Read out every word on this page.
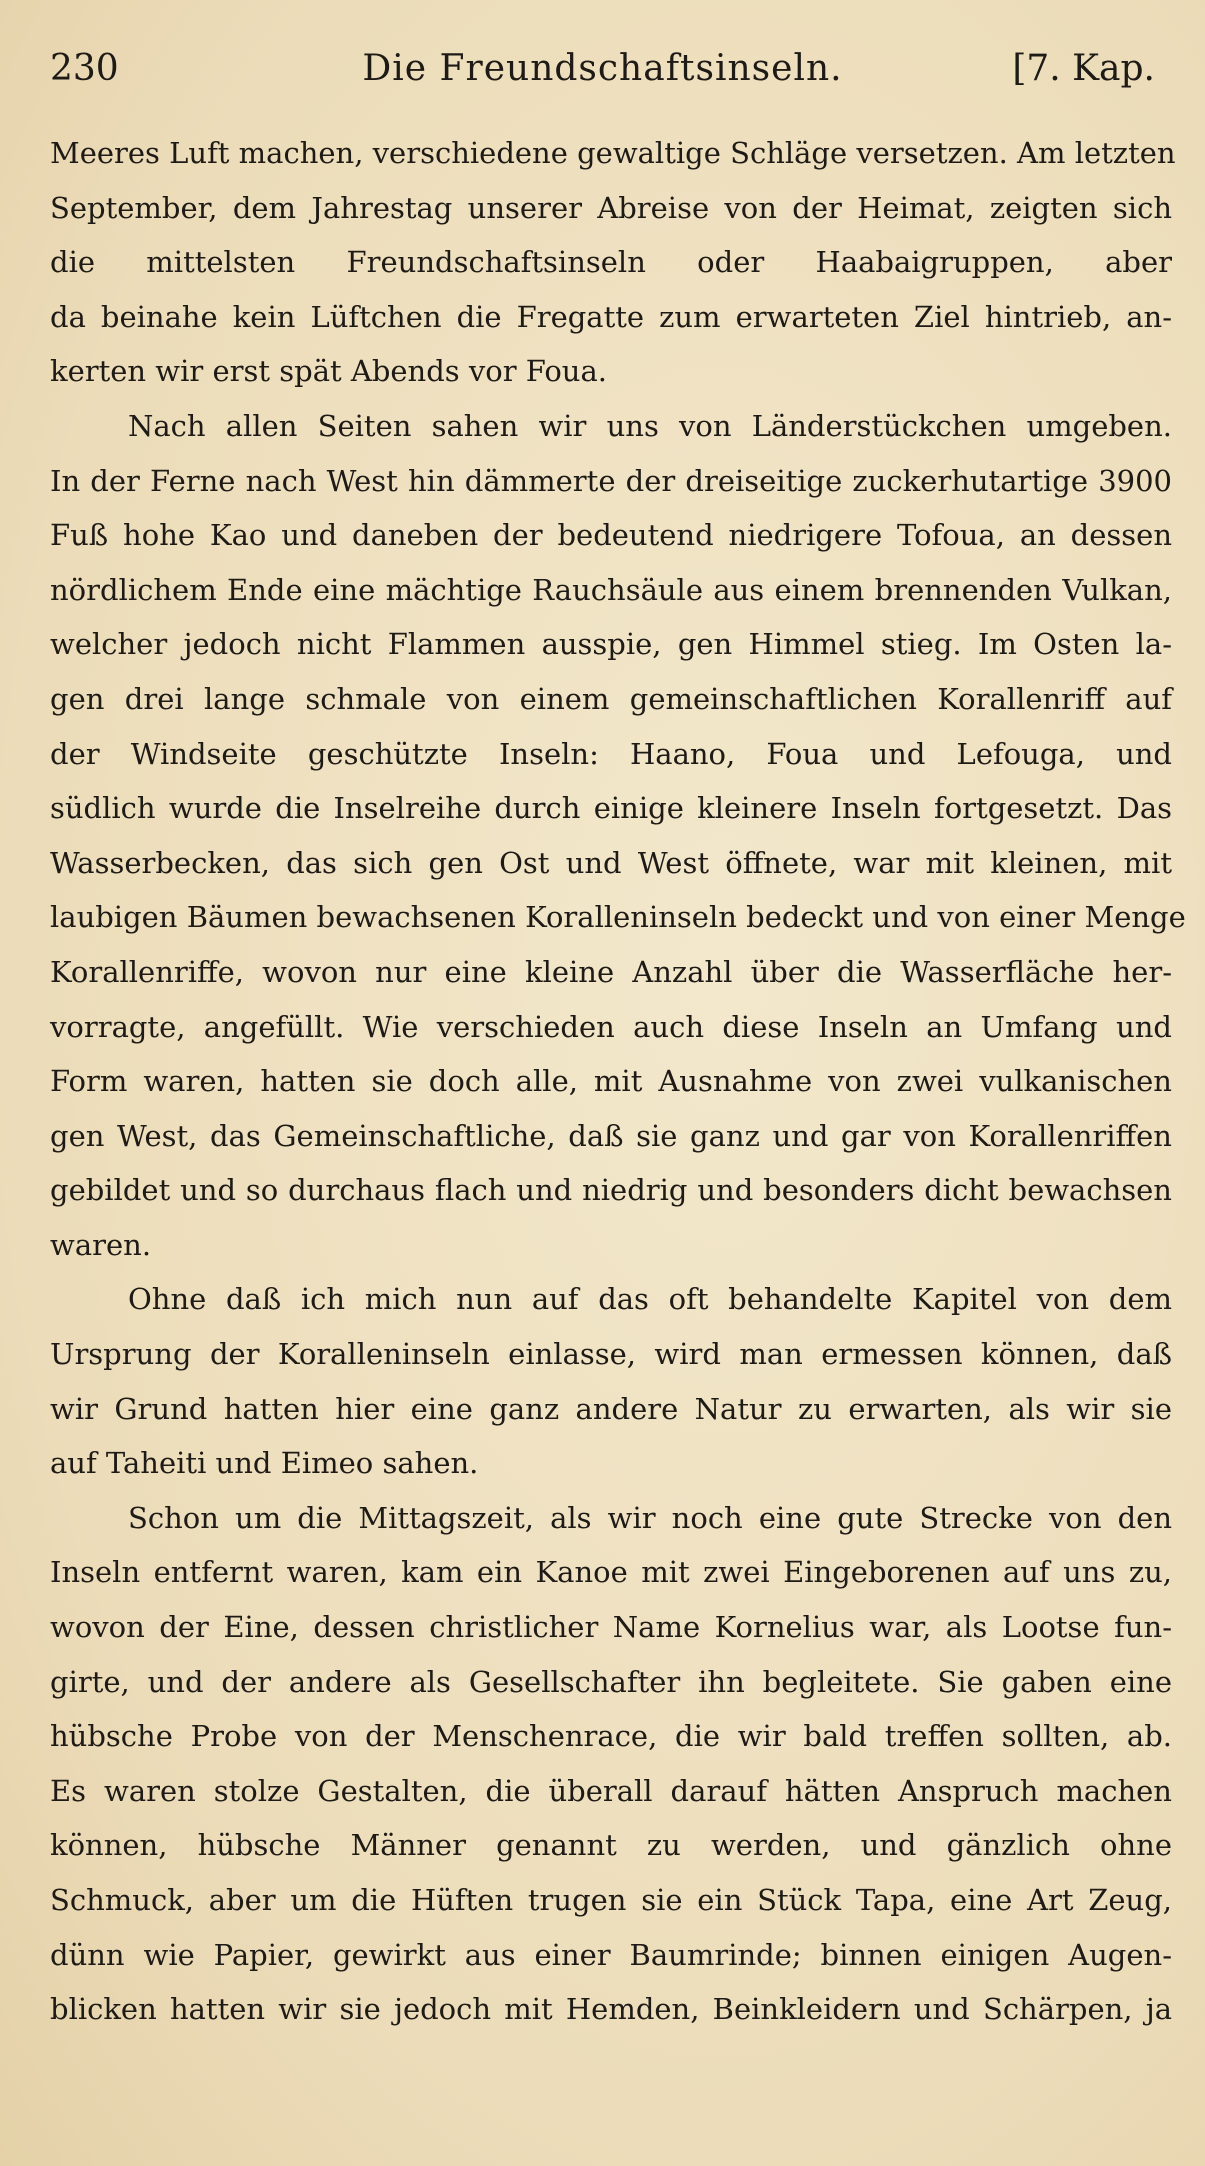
230	Die Freundschaftsinseln.	[7. Kap.
Meeres Luft machen, verschiedene gewaltige Schläge versetzen. Am letzten
September, dem Jahrestag unserer Abreise von der Heimat, zeigten sich
die mittelsten Freundschaftsinseln oder Haabaigruppen, aber
da beinahe kein Lüftchen die Fregatte zum erwarteten Ziel hintrieb, an-
kerten wir erst spät Abends vor Foua.
Nach allen Seiten sahen wir uns von Länderstückchen umgeben.
In der Ferne nach West hin dämmerte der dreiseitige zuckerhutartige 3900
Fuß hohe Kao und daneben der bedeutend niedrigere Tofoua, an dessen
nördlichem Ende eine mächtige Rauchsäule aus einem brennenden Vulkan,
welcher jedoch nicht Flammen ausspie, gen Himmel stieg. Im Osten la-
gen drei lange schmale von einem gemeinschaftlichen Korallenriff auf
der Windseite geschützte Inseln: Haano, Foua und Lefouga, und
südlich wurde die Inselreihe durch einige kleinere Inseln fortgesetzt. Das
Wasserbecken, das sich gen Ost und West öffnete, war mit kleinen, mit
laubigen Bäumen bewachsenen Koralleninseln bedeckt und von einer Menge
Korallenriffe, wovon nur eine kleine Anzahl über die Wasserfläche her-
vorragte, angefüllt. Wie verschieden auch diese Inseln an Umfang und
Form waren, hatten sie doch alle, mit Ausnahme von zwei vulkanischen
gen West, das Gemeinschaftliche, daß sie ganz und gar von Korallenriffen
gebildet und so durchaus flach und niedrig und besonders dicht bewachsen
waren.
Ohne daß ich mich nun auf das oft behandelte Kapitel von dem
Ursprung der Koralleninseln einlasse, wird man ermessen können, daß
wir Grund hatten hier eine ganz andere Natur zu erwarten, als wir sie
auf Taheiti und Eimeo sahen.
Schon um die Mittagszeit, als wir noch eine gute Strecke von den
Inseln entfernt waren, kam ein Kanoe mit zwei Eingeborenen auf uns zu,
wovon der Eine, dessen christlicher Name Kornelius war, als Lootse fun-
girte, und der andere als Gesellschafter ihn begleitete. Sie gaben eine
hübsche Probe von der Menschenrace, die wir bald treffen sollten, ab.
Es waren stolze Gestalten, die überall darauf hätten Anspruch machen
können, hübsche Männer genannt zu werden, und gänzlich ohne
Schmuck, aber um die Hüften trugen sie ein Stück Tapa, eine Art Zeug,
dünn wie Papier, gewirkt aus einer Baumrinde; binnen einigen Augen-
blicken hatten wir sie jedoch mit Hemden, Beinkleidern und Schärpen, ja
